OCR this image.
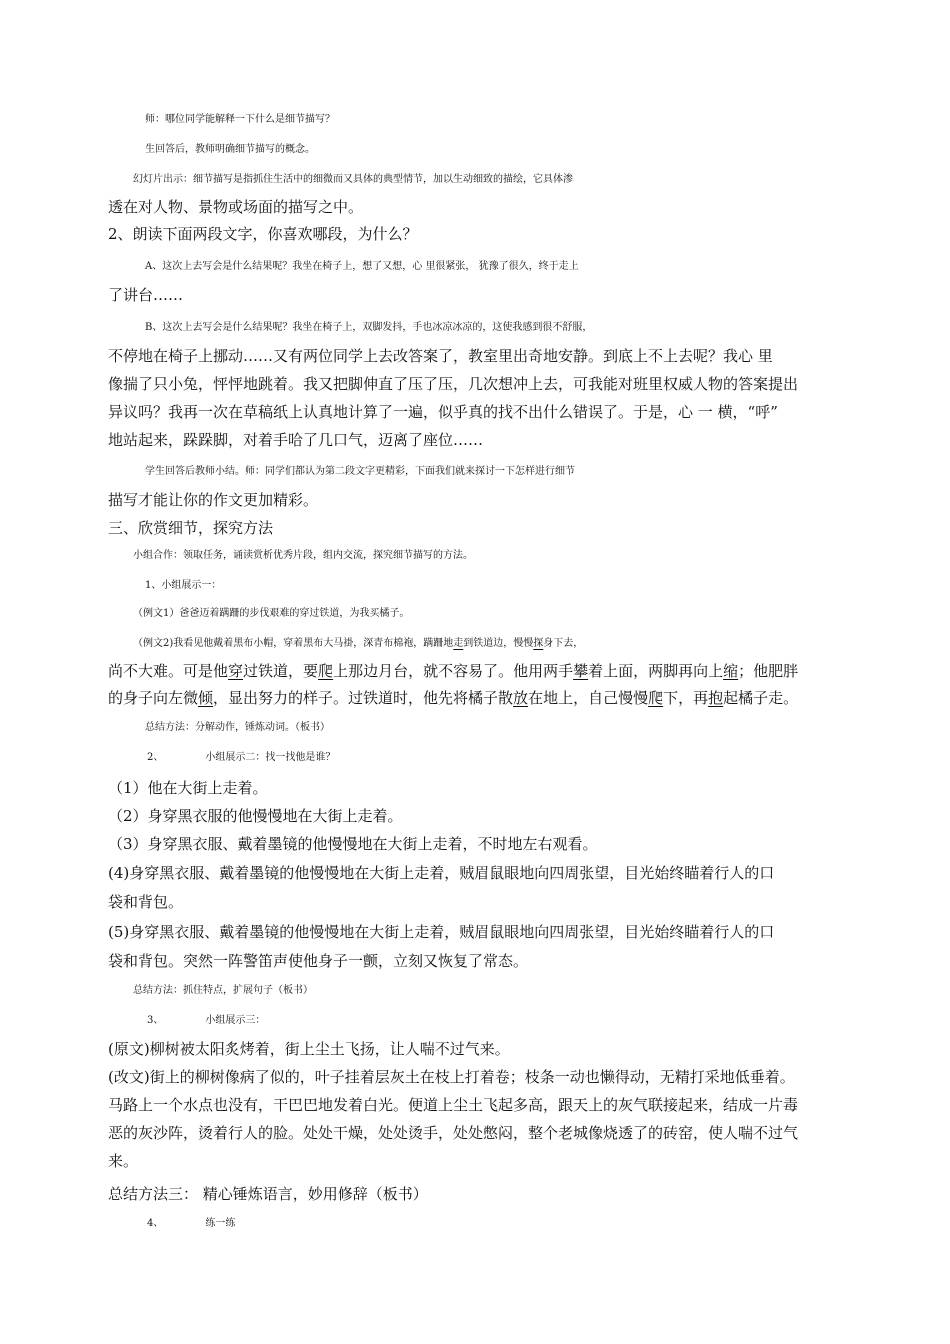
师：哪位同学能解释一下什么是细节描写？
生回答后，教师明确细节描写的概念。
幻灯片出示：细节描写是指抓住生活中的细微而又具体的典型情节，加以生动细致的描绘，它具体渗
透在对人物、景物或场面的描写之中。
2、朗读下面两段文字，你喜欢哪段，为什么？
A、这次上去写会是什么结果呢？我坐在椅子上，想了又想，心 里很紧张， 犹豫了很久，终于走上
了讲台……
B、这次上去写会是什么结果呢？我坐在椅子上，双脚发抖，手也冰凉冰凉的，这使我感到很不舒服，
不停地在椅子上挪动……又有两位同学上去改答案了，教室里出奇地安静。到底上不上去呢？我心 里
像揣了只小兔，怦怦地跳着。我又把脚伸直了压了压，几次想冲上去，可我能对班里权威人物的答案提出
异议吗？我再一次在草稿纸上认真地计算了一遍，似乎真的找不出什么错误了。于是，心 一 横，“呼”
地站起来，跺跺脚，对着手哈了几口气，迈离了座位……
学生回答后教师小结。师：同学们都认为第二段文字更精彩，下面我们就来探讨一下怎样进行细节
描写才能让你的作文更加精彩。
三、欣赏细节，探究方法
小组合作：领取任务，诵读赏析优秀片段，组内交流，探究细节描写的方法。
1、小组展示一：
（例文1）爸爸迈着蹒跚的步伐艰难的穿过铁道，为我买橘子。
（例文2)我看见他戴着黑布小帽，穿着黑布大马褂，深青布棉袍，蹒跚地走到铁道边，慢慢探身下去，
尚不大难。可是他穿过铁道，要爬上那边月台，就不容易了。他用两手攀着上面，两脚再向上缩；他肥胖
的身子向左微倾，显出努力的样子。过铁道时，他先将橘子散放在地上，自己慢慢爬下，再抱起橘子走。
总结方法：分解动作，锤炼动词。（板书）
2、	小组展示二：找一找他是谁？
（1）他在大街上走着。
（2）身穿黑衣服的他慢慢地在大街上走着。
（3）身穿黑衣服、戴着墨镜的他慢慢地在大街上走着，不时地左右观看。
(4)身穿黑衣服、戴着墨镜的他慢慢地在大街上走着，贼眉鼠眼地向四周张望，目光始终瞄着行人的口
袋和背包。
(5)身穿黑衣服、戴着墨镜的他慢慢地在大街上走着，贼眉鼠眼地向四周张望，目光始终瞄着行人的口
袋和背包。突然一阵警笛声使他身子一颤，立刻又恢复了常态。
总结方法：抓住特点，扩展句子（板书）
3、	小组展示三：
(原文)柳树被太阳炙烤着，街上尘土飞扬，让人喘不过气来。
(改文)街上的柳树像病了似的，叶子挂着层灰土在枝上打着卷；枝条一动也懒得动，无精打采地低垂着。
马路上一个水点也没有，干巴巴地发着白光。便道上尘土飞起多高，跟天上的灰气联接起来，结成一片毒
恶的灰沙阵，烫着行人的脸。处处干燥，处处烫手，处处憋闷，整个老城像烧透了的砖窑，使人喘不过气
来。
总结方法三： 精心锤炼语言，妙用修辞（板书）
4、	练一练
